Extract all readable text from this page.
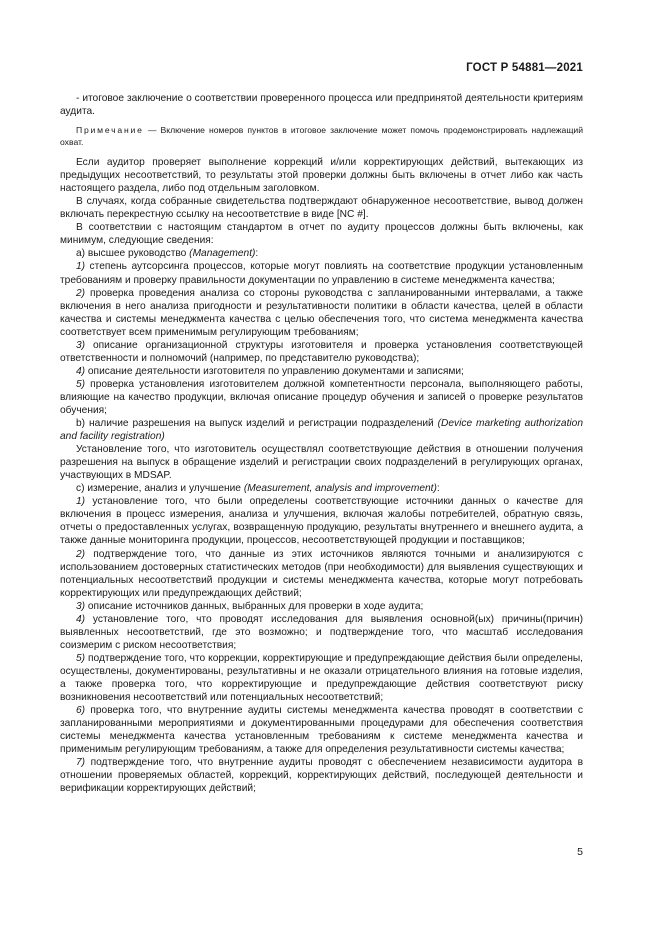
ГОСТ Р 54881—2021

- итоговое заключение о соответствии проверенного процесса или предпринятой деятельности критериям аудита.

Примечание — Включение номеров пунктов в итоговое заключение может помочь продемонстрировать надлежащий охват.

Если аудитор проверяет выполнение коррекций и/или корректирующих действий, вытекающих из предыдущих несоответствий, то результаты этой проверки должны быть включены в отчет либо как часть настоящего раздела, либо под отдельным заголовком.

В случаях, когда собранные свидетельства подтверждают обнаруженное несоответствие, вывод должен включать перекрестную ссылку на несоответствие в виде [NC #].

В соответствии с настоящим стандартом в отчет по аудиту процессов должны быть включены, как минимум, следующие сведения:

a) высшее руководство (Management):

1) степень аутсорсинга процессов, которые могут повлиять на соответствие продукции установленным требованиям и проверку правильности документации по управлению в системе менеджмента качества;

2) проверка проведения анализа со стороны руководства с запланированными интервалами, а также включения в него анализа пригодности и результативности политики в области качества, целей в области качества и системы менеджмента качества с целью обеспечения того, что система менеджмента качества соответствует всем применимым регулирующим требованиям;

3) описание организационной структуры изготовителя и проверка установления соответствующей ответственности и полномочий (например, по представителю руководства);

4) описание деятельности изготовителя по управлению документами и записями;

5) проверка установления изготовителем должной компетентности персонала, выполняющего работы, влияющие на качество продукции, включая описание процедур обучения и записей о проверке результатов обучения;

b) наличие разрешения на выпуск изделий и регистрации подразделений (Device marketing authorization and facility registration)

Установление того, что изготовитель осуществлял соответствующие действия в отношении получения разрешения на выпуск в обращение изделий и регистрации своих подразделений в регулирующих органах, участвующих в MDSAP.

c) измерение, анализ и улучшение (Measurement, analysis and improvement):

1) установление того, что были определены соответствующие источники данных о качестве для включения в процесс измерения, анализа и улучшения, включая жалобы потребителей, обратную связь, отчеты о предоставленных услугах, возвращенную продукцию, результаты внутреннего и внешнего аудита, а также данные мониторинга продукции, процессов, несоответствующей продукции и поставщиков;

2) подтверждение того, что данные из этих источников являются точными и анализируются с использованием достоверных статистических методов (при необходимости) для выявления существующих и потенциальных несоответствий продукции и системы менеджмента качества, которые могут потребовать корректирующих или предупреждающих действий;

3) описание источников данных, выбранных для проверки в ходе аудита;

4) установление того, что проводят исследования для выявления основной(ых) причины(причин) выявленных несоответствий, где это возможно; и подтверждение того, что масштаб исследования соизмерим с риском несоответствия;

5) подтверждение того, что коррекции, корректирующие и предупреждающие действия были определены, осуществлены, документированы, результативны и не оказали отрицательного влияния на готовые изделия, а также проверка того, что корректирующие и предупреждающие действия соответствуют риску возникновения несоответствий или потенциальных несоответствий;

6) проверка того, что внутренние аудиты системы менеджмента качества проводят в соответствии с запланированными мероприятиями и документированными процедурами для обеспечения соответствия системы менеджмента качества установленным требованиям к системе менеджмента качества и применимым регулирующим требованиям, а также для определения результативности системы качества;

7) подтверждение того, что внутренние аудиты проводят с обеспечением независимости аудитора в отношении проверяемых областей, коррекций, корректирующих действий, последующей деятельности и верификации корректирующих действий;

5
